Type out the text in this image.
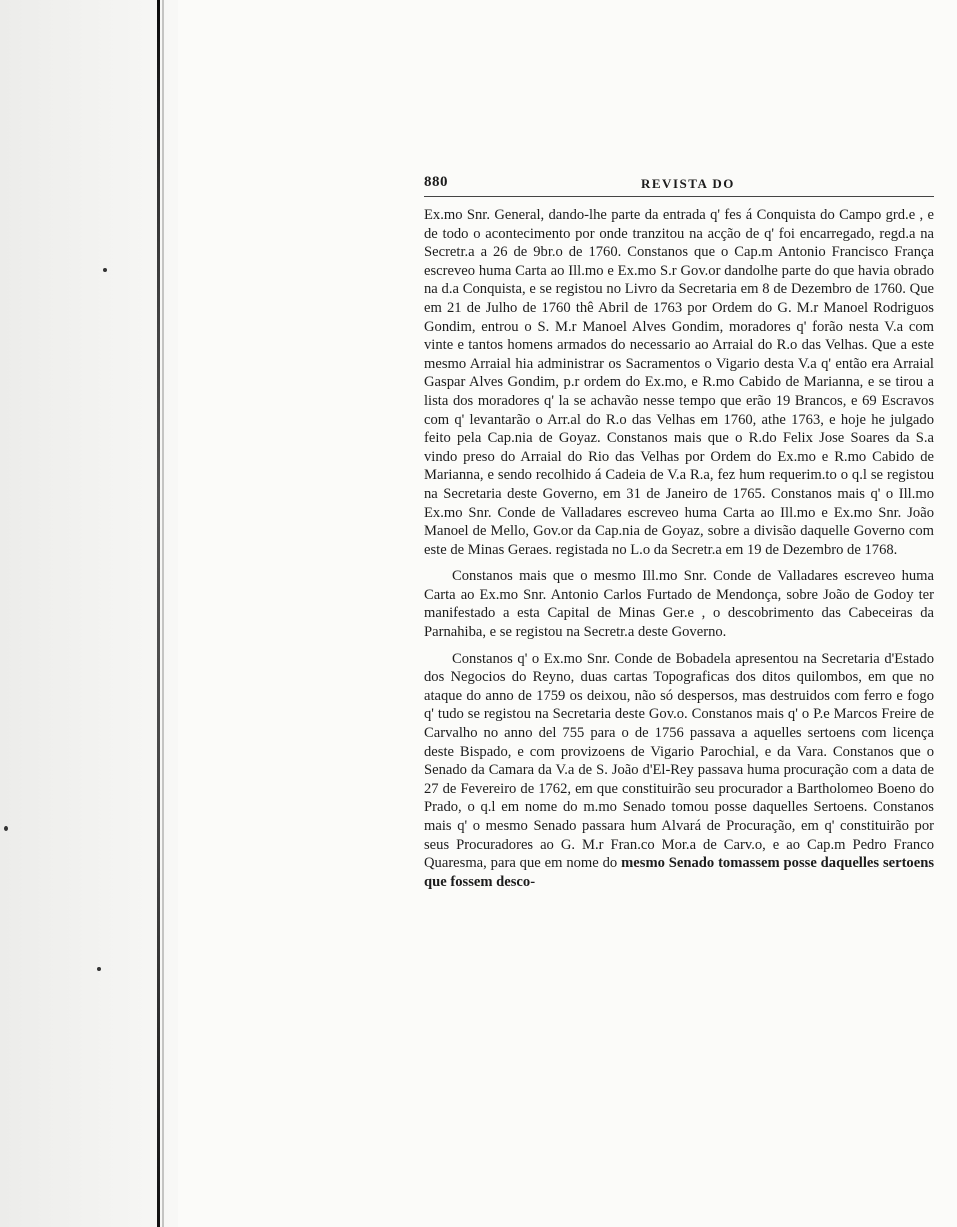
880	REVISTA DO

Ex.mo Snr. General, dando-lhe parte da entrada q' fes á Conquista do Campo grd.e , e de todo o acontecimento por onde tranzitou na acção de q' foi encarregado, regd.a na Secretr.a a 26 de 9br.o de 1760. Constanos que o Cap.m Antonio Francisco França escreveo huma Carta ao Ill.mo e Ex.mo S.r Gov.or dandolhe parte do que havia obrado na d.a Conquista, e se registou no Livro da Secretaria em 8 de Dezembro de 1760. Que em 21 de Julho de 1760 thê Abril de 1763 por Ordem do G. M.r Manoel Rodriguos Gondim, entrou o S. M.r Manoel Alves Gondim, moradores q' forão nesta V.a com vinte e tantos homens armados do necessario ao Arraial do R.o das Velhas. Que a este mesmo Arraial hia administrar os Sacramentos o Vigario desta V.a q' então era Arraial Gaspar Alves Gondim, p.r ordem do Ex.mo, e R.mo Cabido de Marianna, e se tirou a lista dos moradores q' la se achavão nesse tempo que erão 19 Brancos, e 69 Escravos com q' levantarão o Arr.al do R.o das Velhas em 1760, athe 1763, e hoje he julgado feito pela Cap.nia de Goyaz. Constanos mais que o R.do Felix Jose Soares da S.a vindo preso do Arraial do Rio das Velhas por Ordem do Ex.mo e R.mo Cabido de Marianna, e sendo recolhido á Cadeia de V.a R.a, fez hum requerim.to o q.l se registou na Secretaria deste Governo, em 31 de Janeiro de 1765. Constanos mais q' o Ill.mo Ex.mo Snr. Conde de Valladares escreveo huma Carta ao Ill.mo e Ex.mo Snr. João Manoel de Mello, Gov.or da Cap.nia de Goyaz, sobre a divisão daquelle Governo com este de Minas Geraes. registada no L.o da Secretr.a em 19 de Dezembro de 1768.

Constanos mais que o mesmo Ill.mo Snr. Conde de Valladares escreveo huma Carta ao Ex.mo Snr. Antonio Carlos Furtado de Mendonça, sobre João de Godoy ter manifestado a esta Capital de Minas Ger.e , o descobrimento das Cabeceiras da Parnahiba, e se registou na Secretr.a deste Governo.

Constanos q' o Ex.mo Snr. Conde de Bobadela apresentou na Secretaria d'Estado dos Negocios do Reyno, duas cartas Topograficas dos ditos quilombos, em que no ataque do anno de 1759 os deixou, não só despersos, mas destruidos com ferro e fogo q' tudo se registou na Secretaria deste Gov.o. Constanos mais q' o P.e Marcos Freire de Carvalho no anno del 755 para o de 1756 passava a aquelles sertoens com licença deste Bispado, e com provizoens de Vigario Parochial, e da Vara. Constanos que o Senado da Camara da V.a de S. João d'El-Rey passava huma procuração com a data de 27 de Fevereiro de 1762, em que constituirão seu procurador a Bartholomeo Boeno do Prado, o q.l em nome do m.mo Senado tomou posse daquelles Sertoens. Constanos mais q' o mesmo Senado passara hum Alvará de Procuração, em q' constituirão por seus Procuradores ao G. M.r Fran.co Mor.a de Carv.o, e ao Cap.m Pedro Franco Quaresma, para que em nome do mesmo Senado tomassem posse daquelles sertoens que fossem desco-
